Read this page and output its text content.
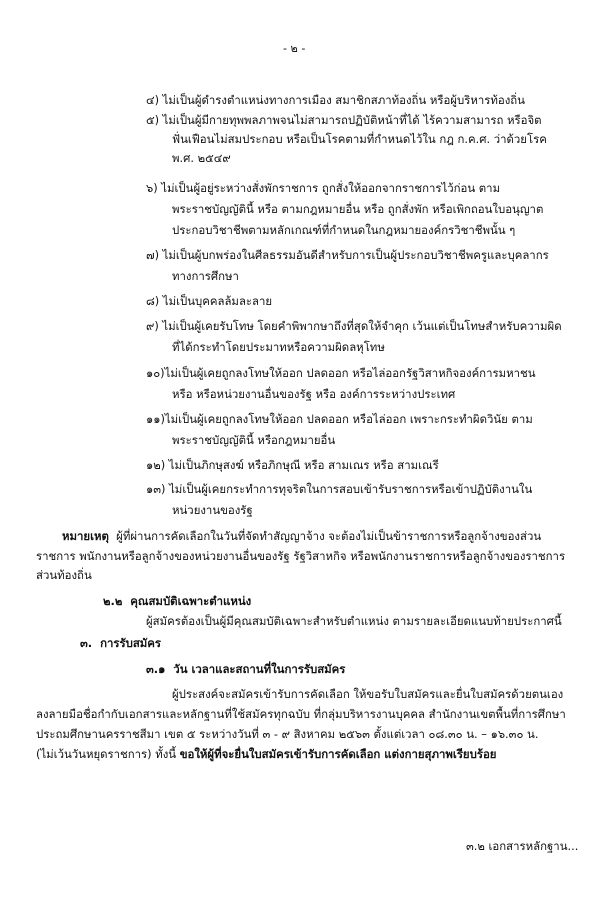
- ๒ -
๔) ไม่เป็นผู้ดำรงตำแหน่งทางการเมือง สมาชิกสภาท้องถิ่น หรือผู้บริหารท้องถิ่น
๕) ไม่เป็นผู้มีกายทุพพลภาพจนไม่สามารถปฏิบัติหน้าที่ได้ ไร้ความสามารถ หรือจิต
ฟั่นเฟือนไม่สมประกอบ หรือเป็นโรคตามที่กำหนดไว้ใน กฎ ก.ค.ศ. ว่าด้วยโรค
พ.ศ. ๒๕๔๙
๖) ไม่เป็นผู้อยู่ระหว่างสั่งพักราชการ ถูกสั่งให้ออกจากราชการไว้ก่อน ตาม
พระราชบัญญัตินี้ หรือ ตามกฎหมายอื่น หรือ ถูกสั่งพัก หรือเพิกถอนใบอนุญาต
ประกอบวิชาชีพตามหลักเกณฑ์ที่กำหนดในกฎหมายองค์กรวิชาชีพนั้น ๆ
๗) ไม่เป็นผู้บกพร่องในศีลธรรมอันดีสำหรับการเป็นผู้ประกอบวิชาชีพครูและบุคลากร
ทางการศึกษา
๘) ไม่เป็นบุคคลล้มละลาย
๙) ไม่เป็นผู้เคยรับโทษ โดยคำพิพากษาถึงที่สุดให้จำคุก เว้นแต่เป็นโทษสำหรับความผิด
ที่ได้กระทำโดยประมาทหรือความผิดลหุโทษ
๑๐)ไม่เป็นผู้เคยถูกลงโทษให้ออก ปลดออก หรือไล่ออกรัฐวิสาหกิจองค์การมหาชน
หรือ หรือหน่วยงานอื่นของรัฐ หรือ องค์การระหว่างประเทศ
๑๑)ไม่เป็นผู้เคยถูกลงโทษให้ออก ปลดออก หรือไล่ออก เพราะกระทำผิดวินัย ตาม
พระราชบัญญัตินี้ หรือกฎหมายอื่น
๑๒) ไม่เป็นภิกษุสงฆ์ หรือภิกษุณี หรือ สามเณร หรือ สามเณรี
๑๓) ไม่เป็นผู้เคยกระทำการทุจริตในการสอบเข้ารับราชการหรือเข้าปฏิบัติงานใน
หน่วยงานของรัฐ
หมายเหตุ ผู้ที่ผ่านการคัดเลือกในวันที่จัดทำสัญญาจ้าง จะต้องไม่เป็นข้าราชการหรือลูกจ้างของส่วน
ราชการ พนักงานหรือลูกจ้างของหน่วยงานอื่นของรัฐ รัฐวิสาหกิจ หรือพนักงานราชการหรือลูกจ้างของราชการ
ส่วนท้องถิ่น
๒.๒ คุณสมบัติเฉพาะตำแหน่ง
ผู้สมัครต้องเป็นผู้มีคุณสมบัติเฉพาะสำหรับตำแหน่ง ตามรายละเอียดแนบท้ายประกาศนี้
๓. การรับสมัคร
๓.๑ วัน เวลาและสถานที่ในการรับสมัคร
ผู้ประสงค์จะสมัครเข้ารับการคัดเลือก ให้ขอรับใบสมัครและยื่นใบสมัครด้วยตนเอง
ลงลายมือชื่อกำกับเอกสารและหลักฐานที่ใช้สมัครทุกฉบับ ที่กลุ่มบริหารงานบุคคล สำนักงานเขตพื้นที่การศึกษา
ประถมศึกษานครราชสีมา เขต ๕ ระหว่างวันที่ ๓ - ๙ สิงหาคม ๒๕๖๓ ตั้งแต่เวลา ๐๘.๓๐ น. – ๑๖.๓๐ น.
(ไม่เว้นวันหยุดราชการ) ทั้งนี้ ขอให้ผู้ที่จะยื่นใบสมัครเข้ารับการคัดเลือก แต่งกายสุภาพเรียบร้อย
๓.๒ เอกสารหลักฐาน...
